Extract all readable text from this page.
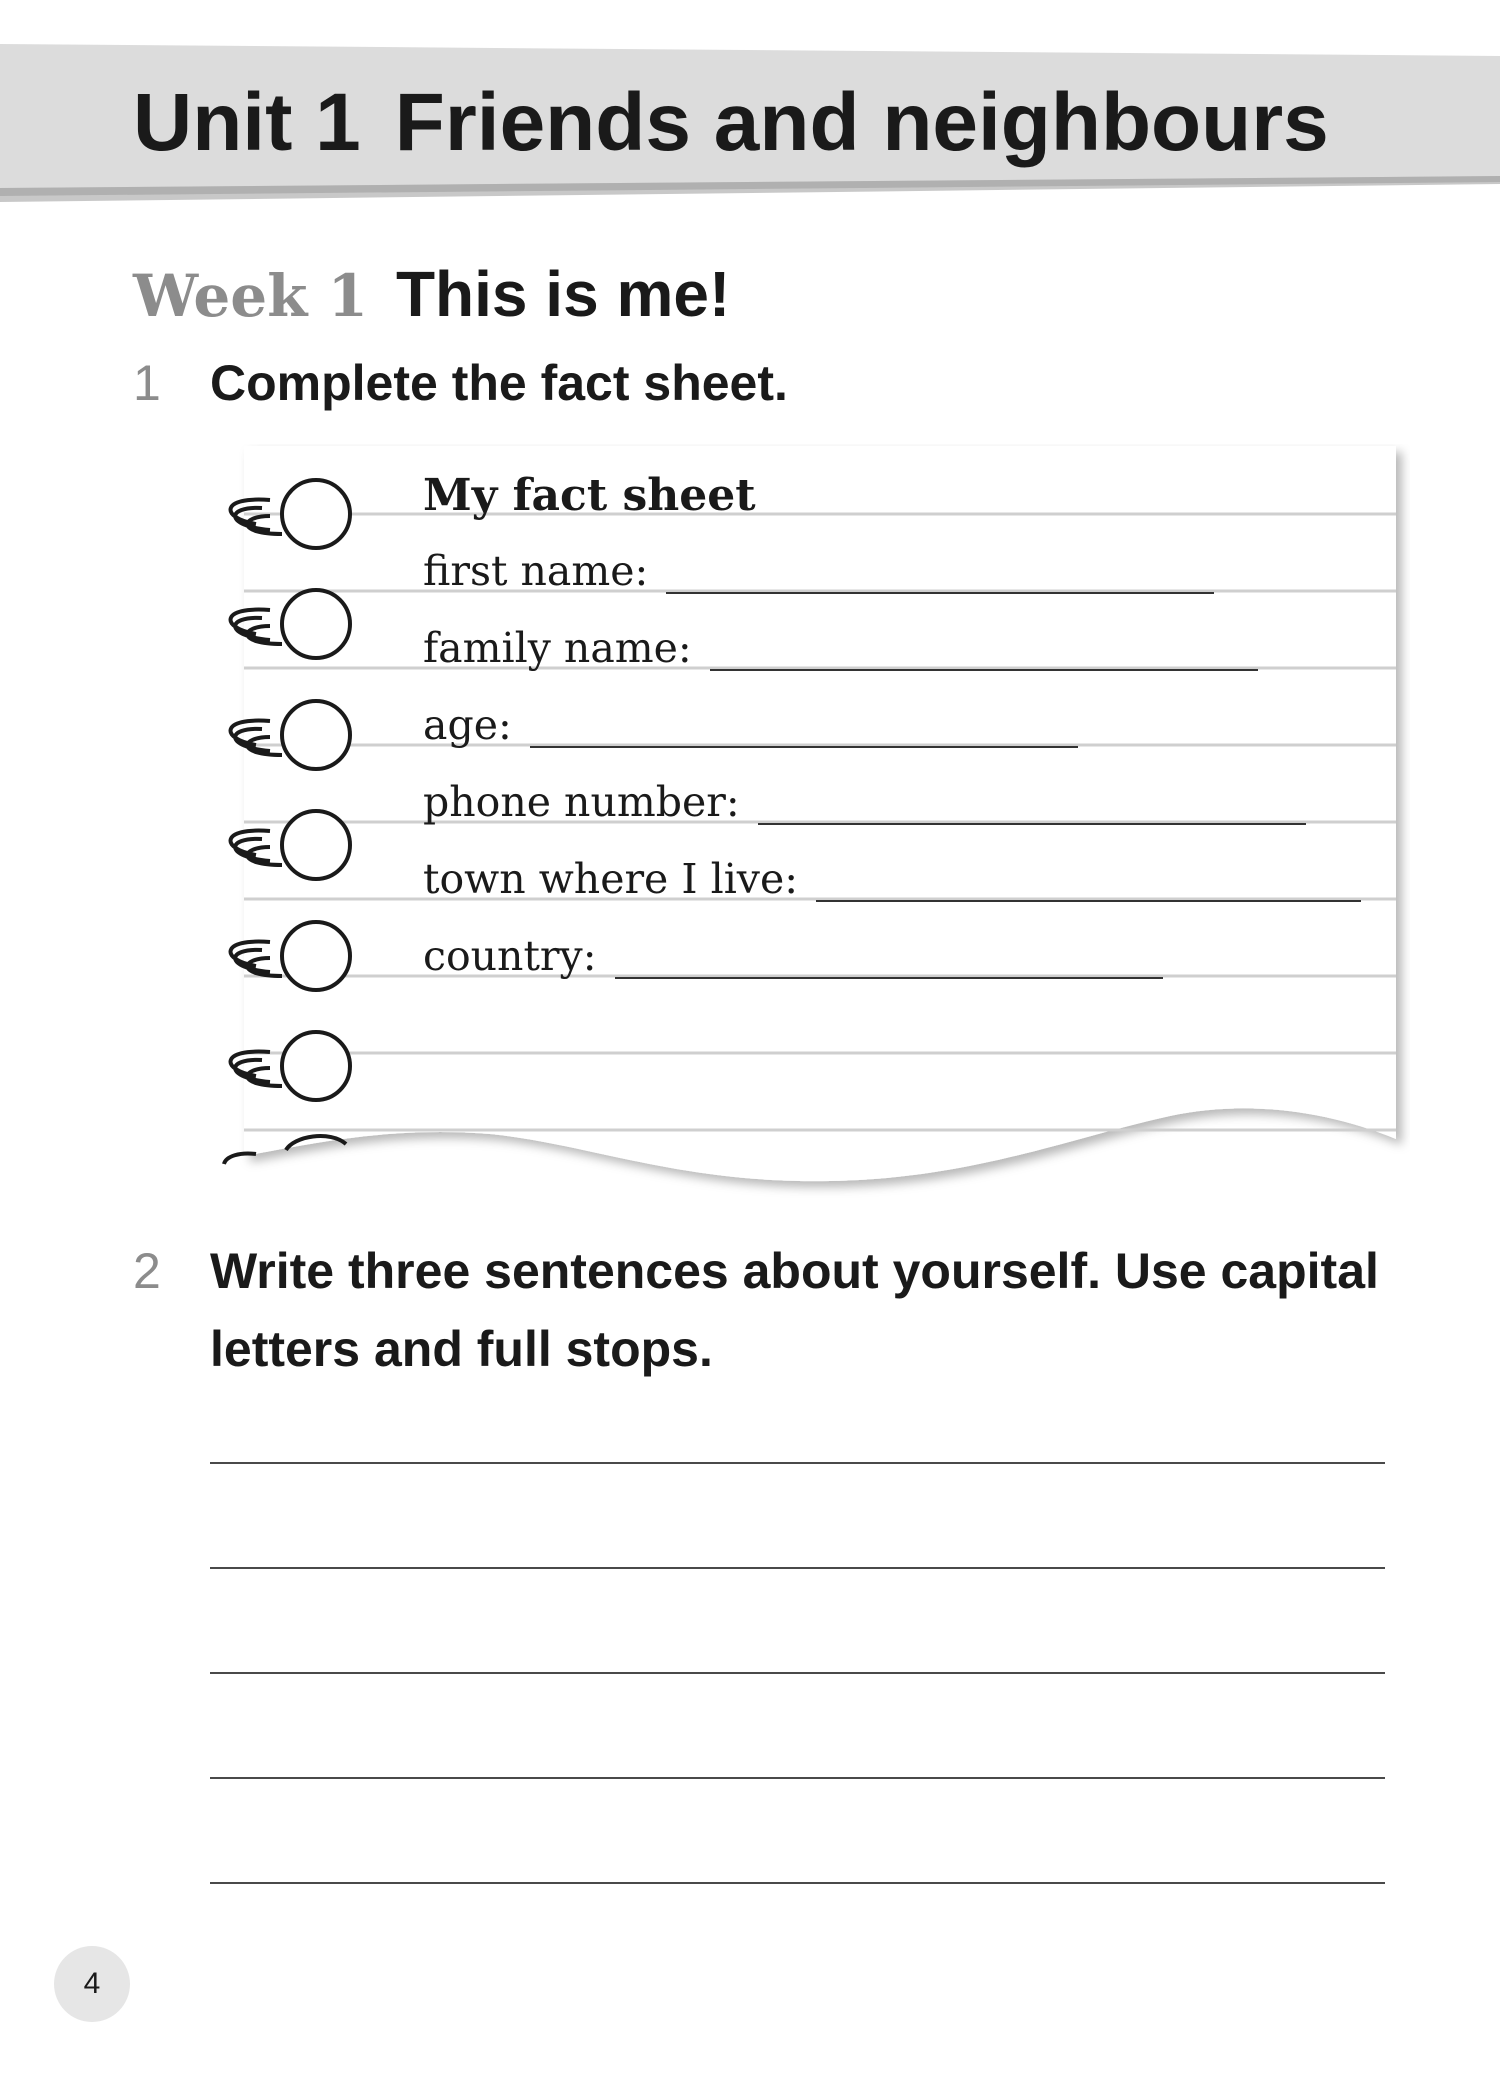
Unit 1 Friends and neighbours
Week 1 This is me!

1 Complete the fact sheet.

My fact sheet

first name:
family name:
age:
phone number:
town where I live:
country:

2 Write three sentences about yourself. Use capital letters and full stops.

4
